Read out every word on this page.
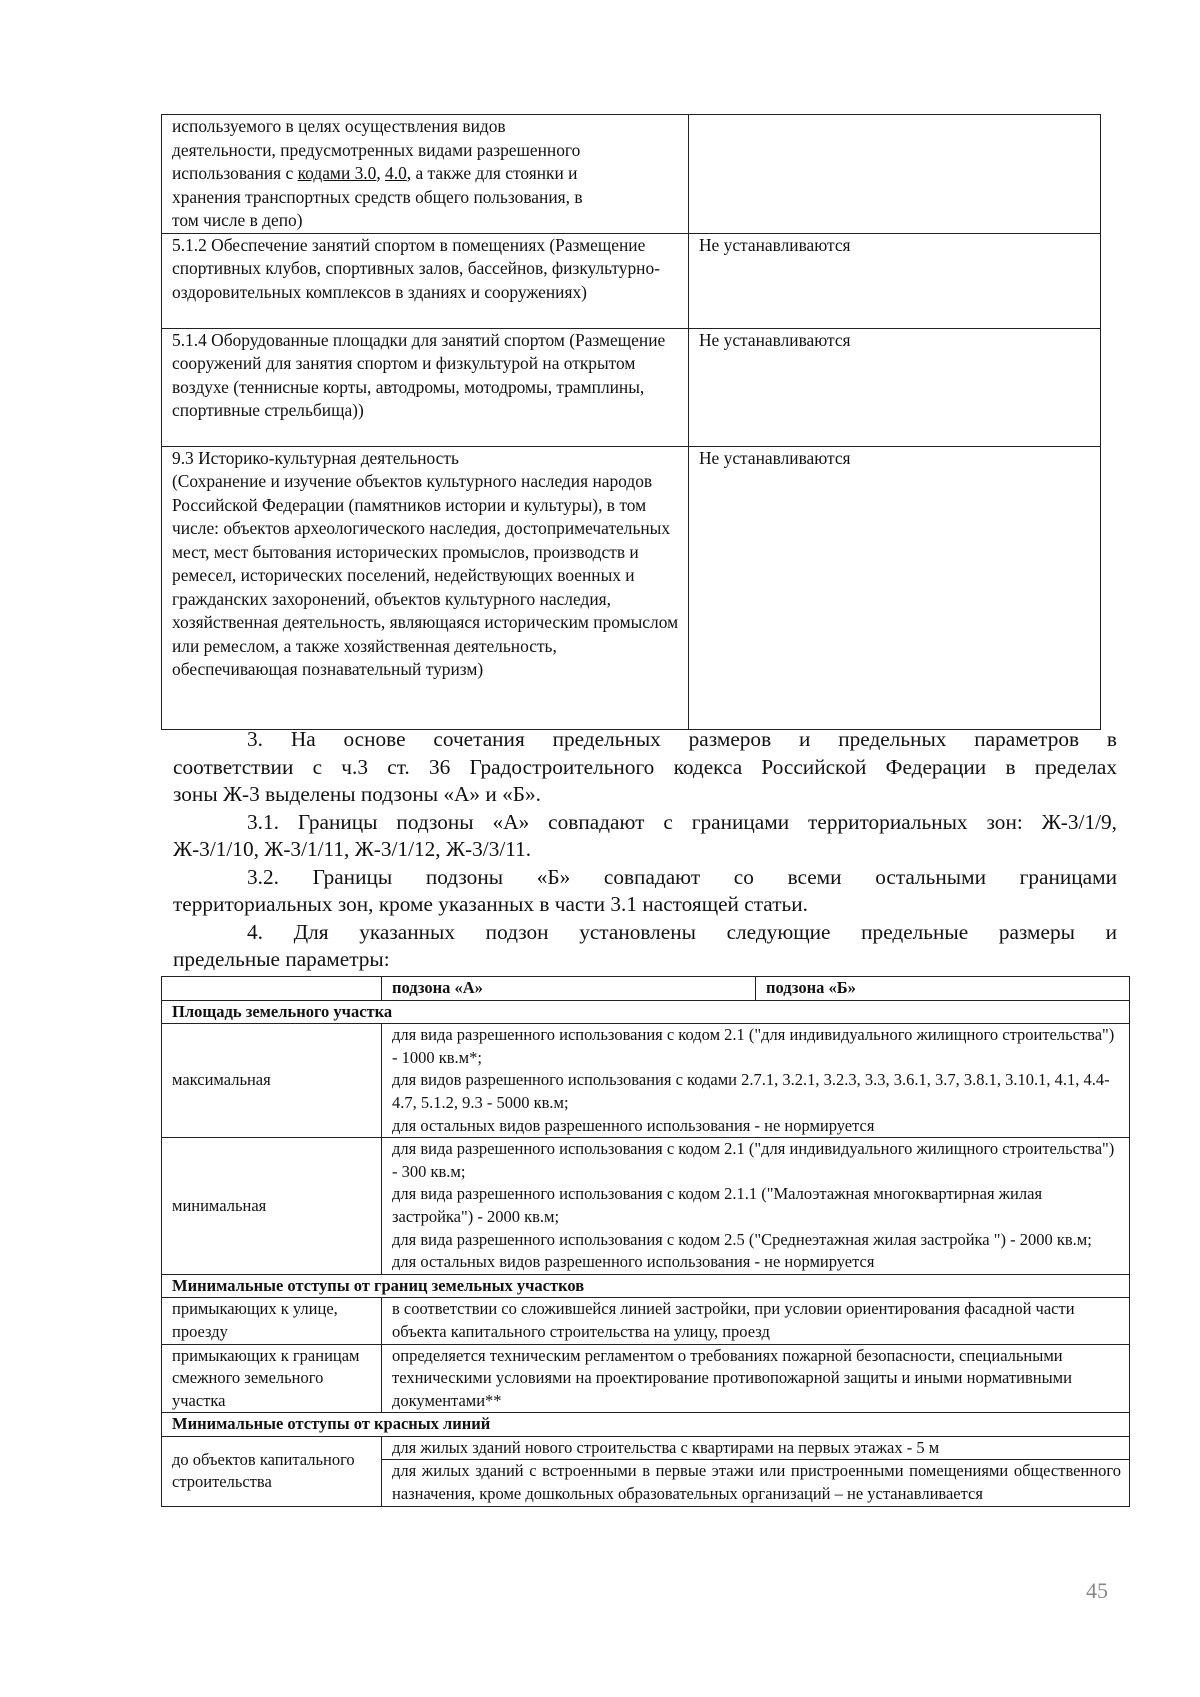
используемого в целях осуществления видов
деятельности, предусмотренных видами разрешенного
использования с кодами 3.0, 4.0, а также для стоянки и
хранения транспортных средств общего пользования, в
том числе в депо)	
5.1.2 Обеспечение занятий спортом в помещениях (Размещение спортивных клубов, спортивных залов, бассейнов, физкультурно-оздоровительных комплексов в зданиях и сооружениях)	Не устанавливаются
5.1.4 Оборудованные площадки для занятий спортом (Размещение сооружений для занятия спортом и физкультурой на открытом воздухе (теннисные корты, автодромы, мотодромы, трамплины, спортивные стрельбища))	Не устанавливаются
9.3 Историко-культурная деятельность
(Сохранение и изучение объектов культурного наследия народов Российской Федерации (памятников истории и культуры), в том числе: объектов археологического наследия, достопримечательных мест, мест бытования исторических промыслов, производств и ремесел, исторических поселений, недействующих военных и гражданских захоронений, объектов культурного наследия, хозяйственная деятельность, являющаяся историческим промыслом или ремеслом, а также хозяйственная деятельность, обеспечивающая познавательный туризм)	Не устанавливаются

3. На основе сочетания предельных размеров и предельных параметров в

соответствии с ч.3 ст. 36 Градостроительного кодекса Российской Федерации в пределах

зоны Ж-3 выделены подзоны «А» и «Б».

3.1. Границы подзоны «А» совпадают с границами территориальных зон: Ж-3/1/9,

Ж-3/1/10, Ж-3/1/11, Ж-3/1/12, Ж-3/3/11.

3.2. Границы подзоны «Б» совпадают со всеми остальными границами

территориальных зон, кроме указанных в части 3.1 настоящей статьи.

4. Для указанных подзон установлены следующие предельные размеры и

предельные параметры:

	подзона «А»	подзона «Б»
Площадь земельного участка		
максимальная	для вида разрешенного использования с кодом 2.1 ("для индивидуального жилищного строительства") - 1000 кв.м*;
для видов разрешенного использования с кодами 2.7.1, 3.2.1, 3.2.3, 3.3, 3.6.1, 3.7, 3.8.1, 3.10.1, 4.1, 4.4- 4.7, 5.1.2, 9.3 - 5000 кв.м;
для остальных видов разрешенного использования - не нормируется	
минимальная	для вида разрешенного использования с кодом 2.1 ("для индивидуального жилищного строительства") - 300 кв.м;
для вида разрешенного использования с кодом 2.1.1 ("Малоэтажная многоквартирная жилая застройка") - 2000 кв.м;
для вида разрешенного использования с кодом 2.5 ("Среднеэтажная жилая застройка ") - 2000 кв.м;
для остальных видов разрешенного использования - не нормируется	
Минимальные отступы от границ земельных участков		
примыкающих к улице, проезду	в соответствии со сложившейся линией застройки, при условии ориентирования фасадной части объекта капитального строительства на улицу, проезд	
примыкающих к границам смежного земельного участка	определяется техническим регламентом о требованиях пожарной безопасности, специальными техническими условиями на проектирование противопожарной защиты и иными нормативными документами**	
Минимальные отступы от красных линий		
до объектов капитального строительства	для жилых зданий нового строительства с квартирами на первых этажах - 5 м	
	для жилых зданий с встроенными в первые этажи или пристроенными помещениями общественного назначения, кроме дошкольных образовательных организаций – не устанавливается	
45
